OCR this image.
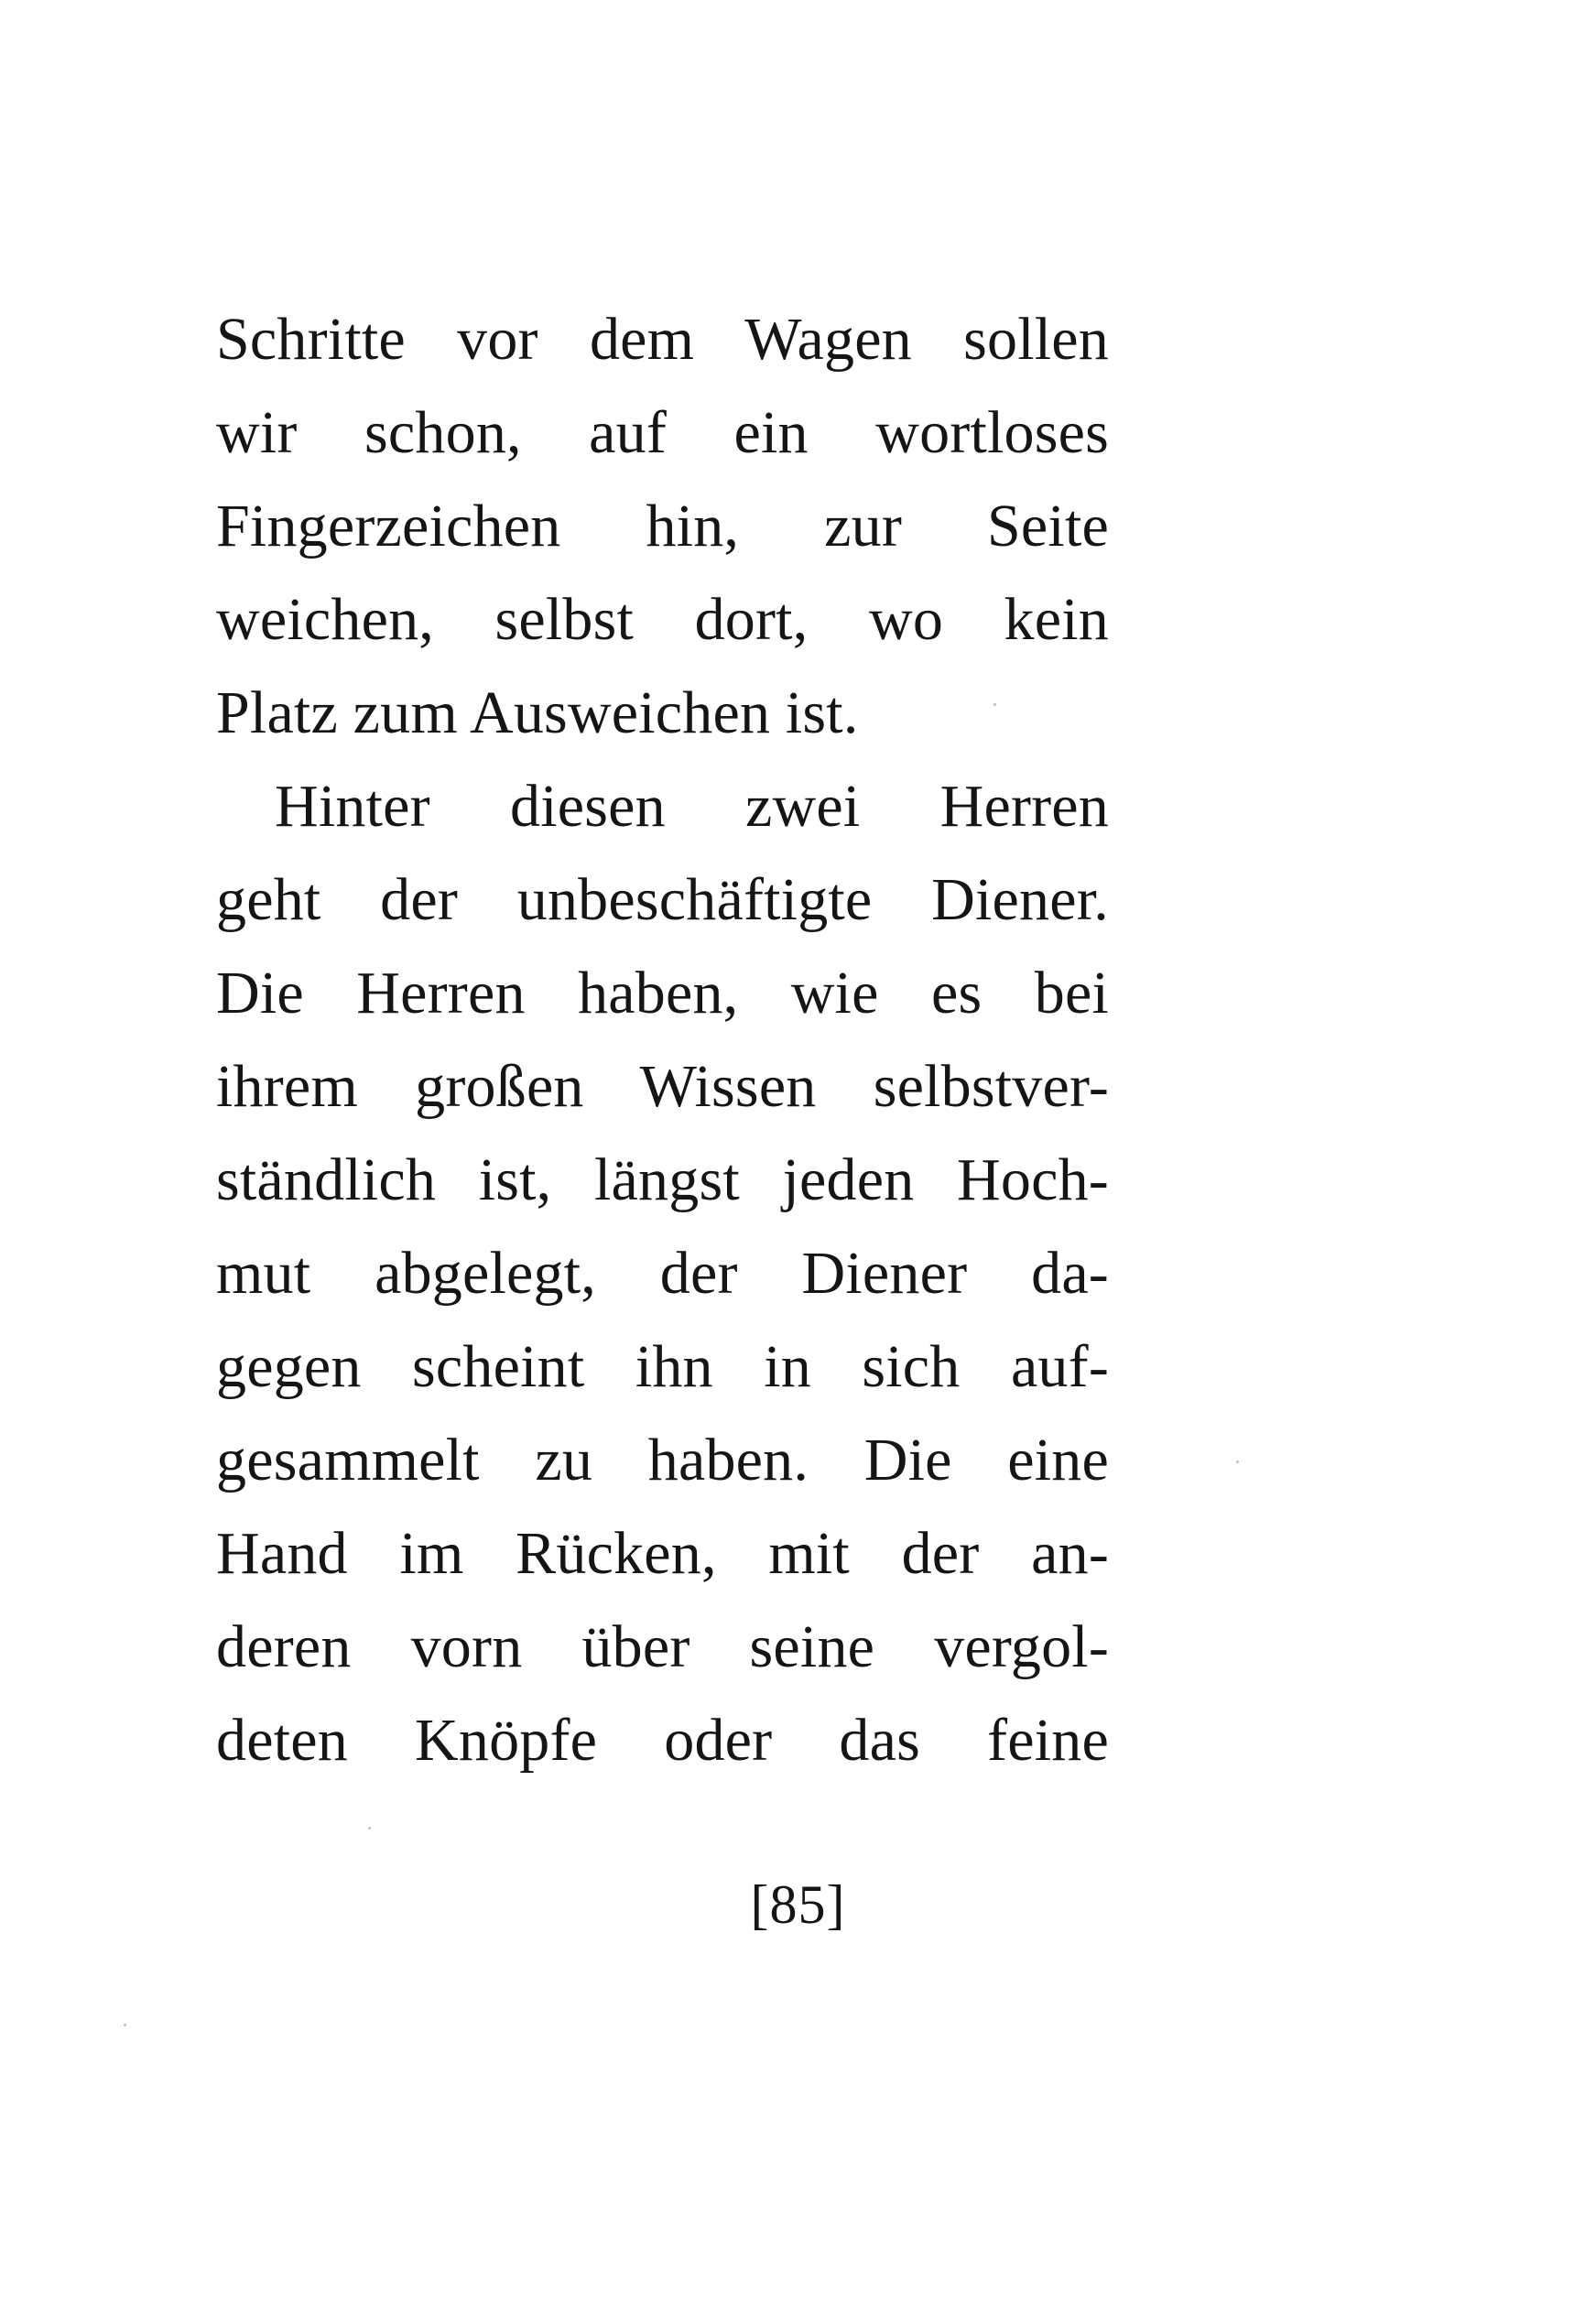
Schritte vor dem Wagen sollen
wir schon, auf ein wortloses
Fingerzeichen hin, zur Seite
weichen, selbst dort, wo kein
Platz zum Ausweichen ist.
Hinter diesen zwei Herren
geht der unbeschäftigte Diener.
Die Herren haben, wie es bei
ihrem großen Wissen selbstver-
ständlich ist, längst jeden Hoch-
mut abgelegt, der Diener da-
gegen scheint ihn in sich auf-
gesammelt zu haben. Die eine
Hand im Rücken, mit der an-
deren vorn über seine vergol-
deten Knöpfe oder das feine
[85]
